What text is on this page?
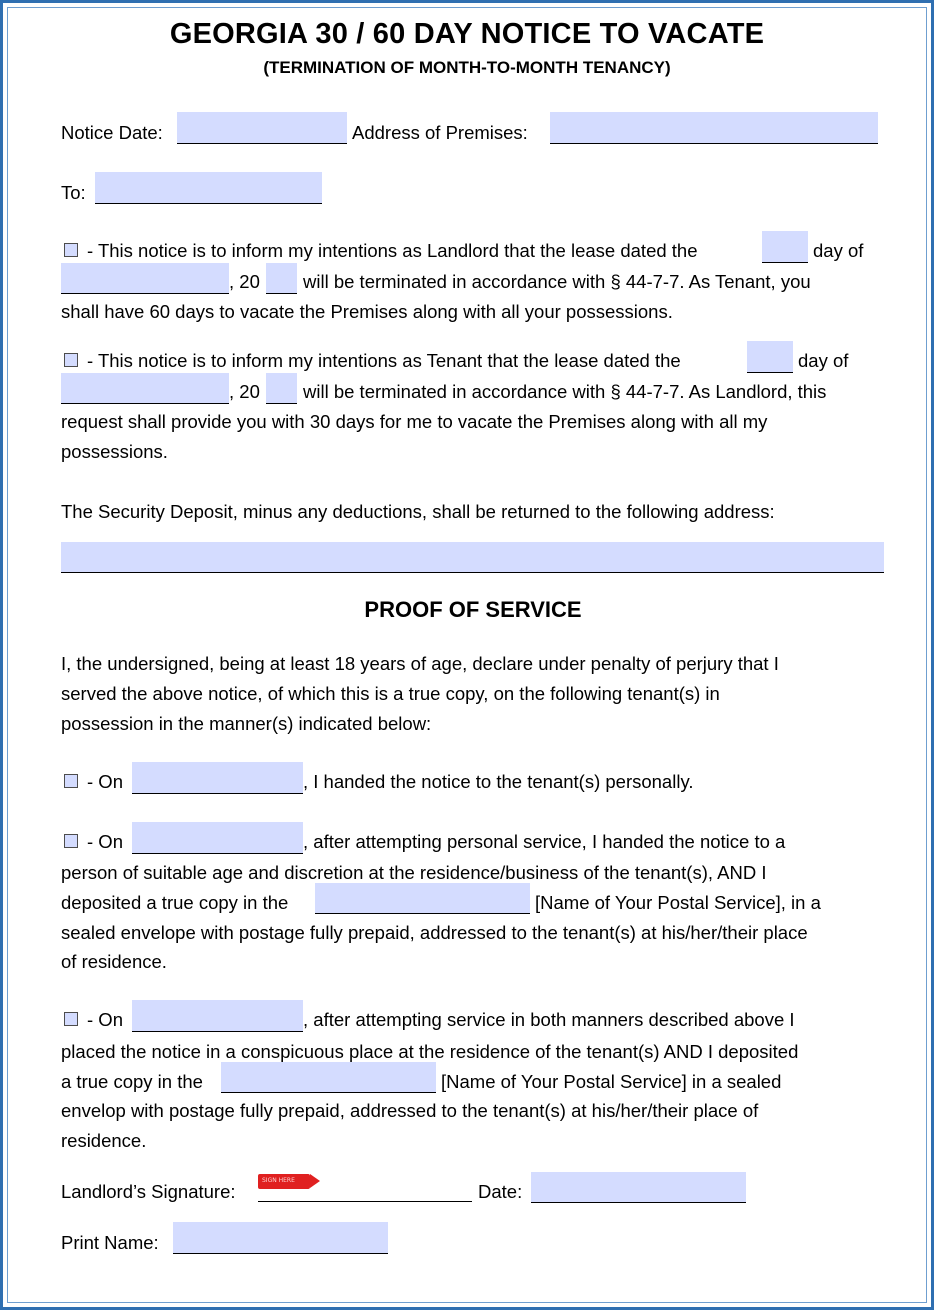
GEORGIA 30 / 60 DAY NOTICE TO VACATE
(TERMINATION OF MONTH-TO-MONTH TENANCY)
Notice Date:	Address of Premises:
To:
- This notice is to inform my intentions as Landlord that the lease dated the	day of
, 20 will be terminated in accordance with § 44-7-7. As Tenant, you
shall have 60 days to vacate the Premises along with all your possessions.
- This notice is to inform my intentions as Tenant that the lease dated the	day of
, 20 will be terminated in accordance with § 44-7-7. As Landlord, this
request shall provide you with 30 days for me to vacate the Premises along with all my
possessions.
The Security Deposit, minus any deductions, shall be returned to the following address:
PROOF OF SERVICE
I, the undersigned, being at least 18 years of age, declare under penalty of perjury that I
served the above notice, of which this is a true copy, on the following tenant(s) in
possession in the manner(s) indicated below:
- On	, I handed the notice to the tenant(s) personally.
- On	, after attempting personal service, I handed the notice to a
person of suitable age and discretion at the residence/business of the tenant(s), AND I
deposited a true copy in the	[Name of Your Postal Service], in a
sealed envelope with postage fully prepaid, addressed to the tenant(s) at his/her/their place
of residence.
- On	, after attempting service in both manners described above I
placed the notice in a conspicuous place at the residence of the tenant(s) AND I deposited
a true copy in the	[Name of Your Postal Service] in a sealed
envelop with postage fully prepaid, addressed to the tenant(s) at his/her/their place of
residence.
Landlord’s Signature:
SIGN HERE
Date:
Print Name:
